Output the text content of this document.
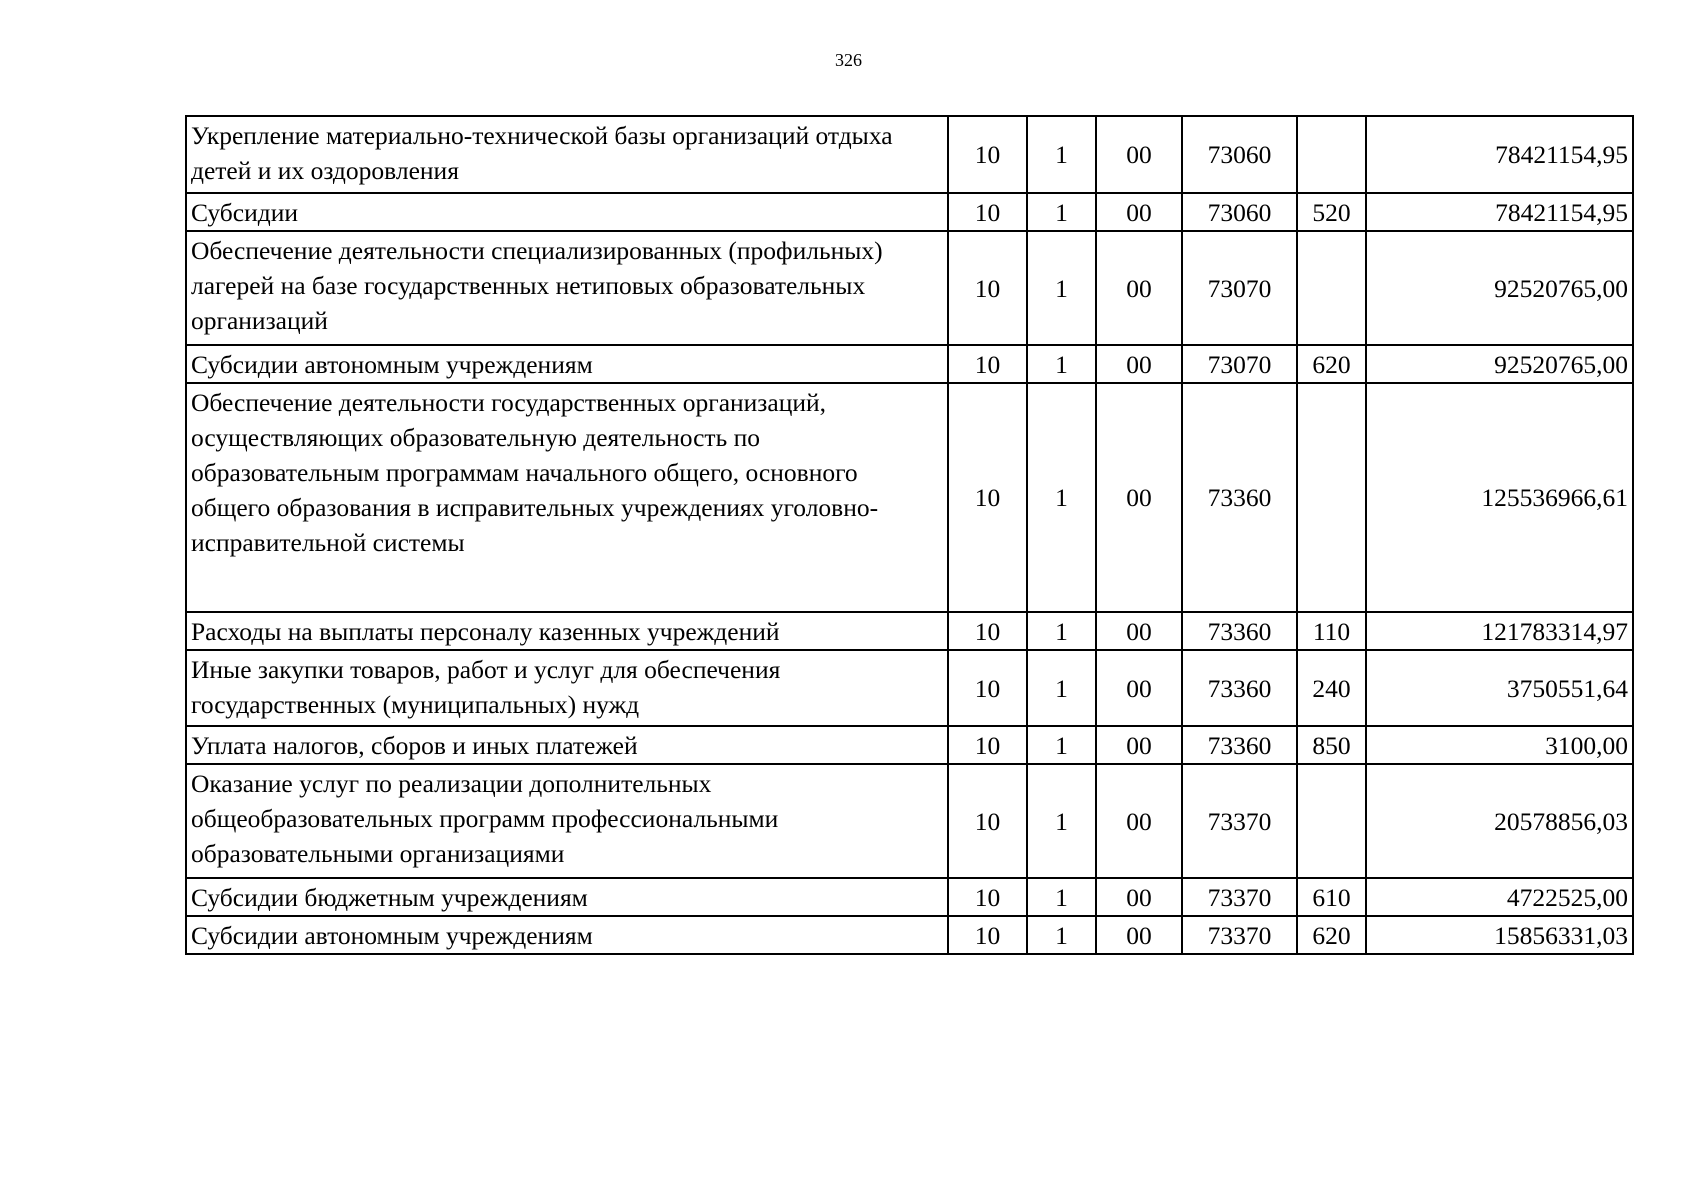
326
Укрепление материально-технической базы организаций отдыха детей и их оздоровления	10	1	00	73060		78421154,95
Субсидии	10	1	00	73060	520	78421154,95
Обеспечение деятельности специализированных (профильных) лагерей на базе государственных нетиповых образовательных организаций	10	1	00	73070		92520765,00
Субсидии автономным учреждениям	10	1	00	73070	620	92520765,00
Обеспечение деятельности государственных организаций, осуществляющих образовательную деятельность по образовательным программам начального общего, основного общего образования в исправительных учреждениях уголовно-исправительной системы	10	1	00	73360		125536966,61
Расходы на выплаты персоналу казенных учреждений	10	1	00	73360	110	121783314,97
Иные закупки товаров, работ и услуг для обеспечения государственных (муниципальных) нужд	10	1	00	73360	240	3750551,64
Уплата налогов, сборов и иных платежей	10	1	00	73360	850	3100,00
Оказание услуг по реализации дополнительных общеобразовательных программ профессиональными образовательными организациями	10	1	00	73370		20578856,03
Субсидии бюджетным учреждениям	10	1	00	73370	610	4722525,00
Субсидии автономным учреждениям	10	1	00	73370	620	15856331,03
